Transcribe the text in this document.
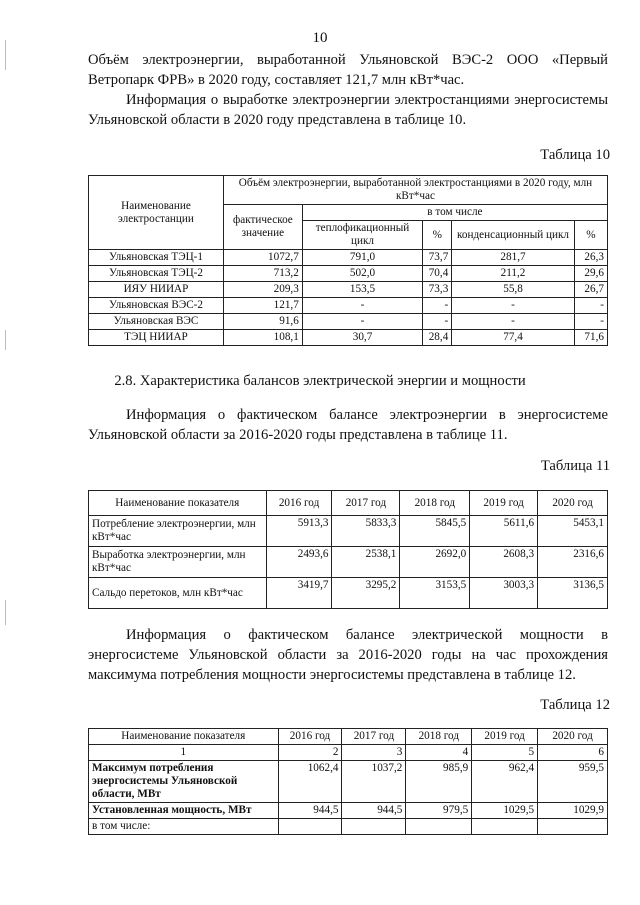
10
Объём электроэнергии, выработанной Ульяновской ВЭС-2 ООО «Первый Ветропарк ФРВ» в 2020 году, составляет 121,7 млн кВт*час.
Информация о выработке электроэнергии электростанциями энергосистемы Ульяновской области в 2020 году представлена в таблице 10.
Таблица 10
Наименование электростанции	Объём электроэнергии, выработанной электростанциями в 2020 году, млн кВт*час				
	фактическое значение	в том числе			
		теплофикационный цикл	%	конденсационный цикл	%
Ульяновская ТЭЦ-1	1072,7	791,0	73,7	281,7	26,3
Ульяновская ТЭЦ-2	713,2	502,0	70,4	211,2	29,6
ИЯУ НИИАР	209,3	153,5	73,3	55,8	26,7
Ульяновская ВЭС-2	121,7	-	-	-	-
Ульяновская ВЭС	91,6	-	-	-	-
ТЭЦ НИИАР	108,1	30,7	28,4	77,4	71,6
2.8. Характеристика балансов электрической энергии и мощности
Информация о фактическом балансе электроэнергии в энергосистеме Ульяновской области за 2016-2020 годы представлена в таблице 11.
Таблица 11
Наименование показателя	2016 год	2017 год	2018 год	2019 год	2020 год
Потребление электроэнергии, млн кВт*час	5913,3	5833,3	5845,5	5611,6	5453,1
Выработка электроэнергии, млн кВт*час	2493,6	2538,1	2692,0	2608,3	2316,6
Сальдо перетоков, млн кВт*час	3419,7	3295,2	3153,5	3003,3	3136,5
Информация о фактическом балансе электрической мощности в энергосистеме Ульяновской области за 2016-2020 годы на час прохождения максимума потребления мощности энергосистемы представлена в таблице 12.
Таблица 12
Наименование показателя	2016 год	2017 год	2018 год	2019 год	2020 год
1	2	3	4	5	6
Максимум потребления энергосистемы Ульяновской области, МВт	1062,4	1037,2	985,9	962,4	959,5
Установленная мощность, МВт	944,5	944,5	979,5	1029,5	1029,9
в том числе:					
